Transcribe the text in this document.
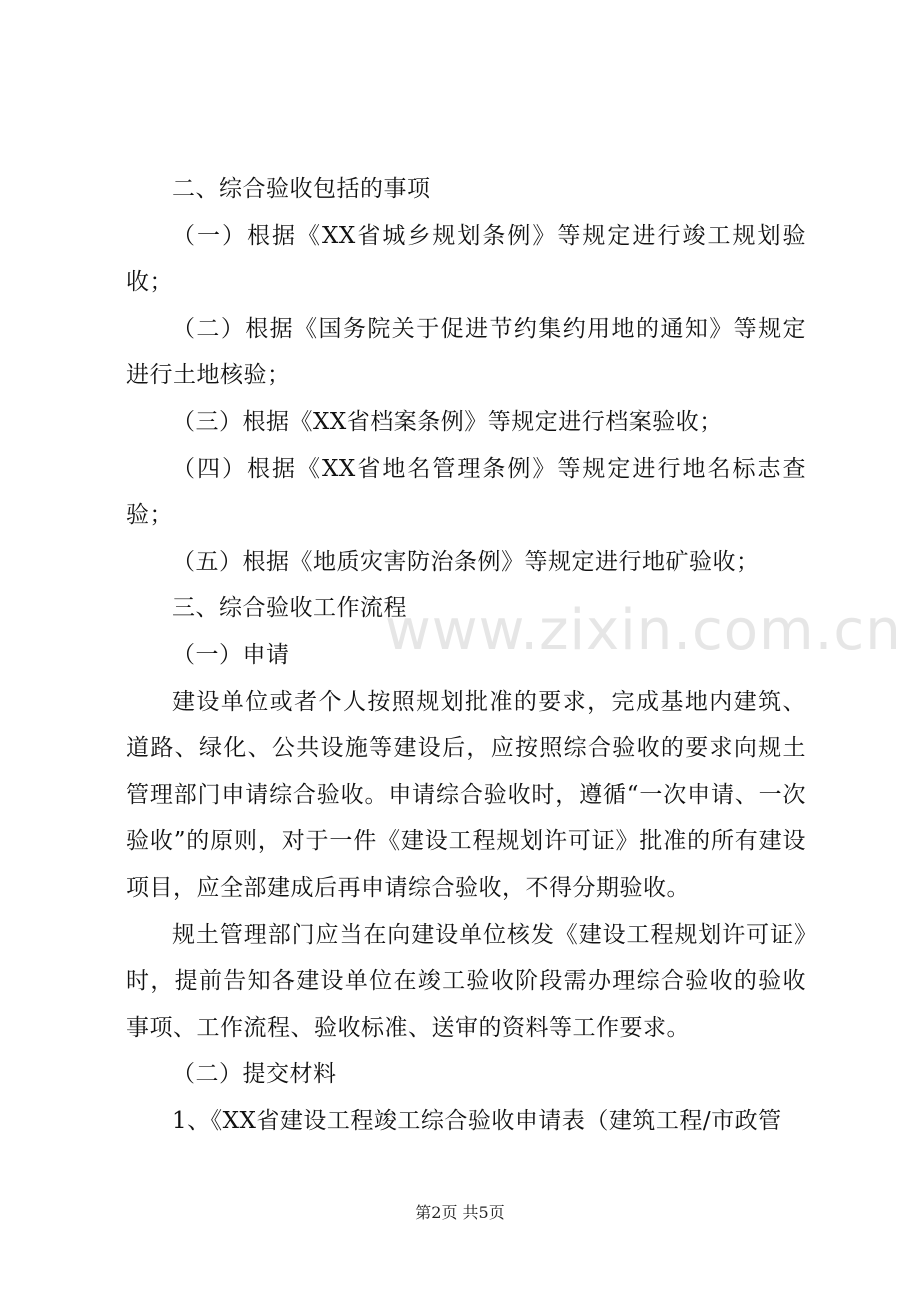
二、综合验收包括的事项

（一）根据《XX省城乡规划条例》等规定进行竣工规划验收；

（二）根据《国务院关于促进节约集约用地的通知》等规定进行土地核验；

（三）根据《XX省档案条例》等规定进行档案验收；

（四）根据《XX省地名管理条例》等规定进行地名标志查验；

（五）根据《地质灾害防治条例》等规定进行地矿验收；

三、综合验收工作流程

（一）申请

建设单位或者个人按照规划批准的要求，完成基地内建筑、道路、绿化、公共设施等建设后，应按照综合验收的要求向规土管理部门申请综合验收。申请综合验收时，遵循“一次申请、一次验收”的原则，对于一件《建设工程规划许可证》批准的所有建设项目，应全部建成后再申请综合验收，不得分期验收。

规土管理部门应当在向建设单位核发《建设工程规划许可证》时，提前告知各建设单位在竣工验收阶段需办理综合验收的验收事项、工作流程、验收标准、送审的资料等工作要求。

（二）提交材料

1、《XX省建设工程竣工综合验收申请表（建筑工程/市政管

www.zixin.com.cn
第2页 共5页
